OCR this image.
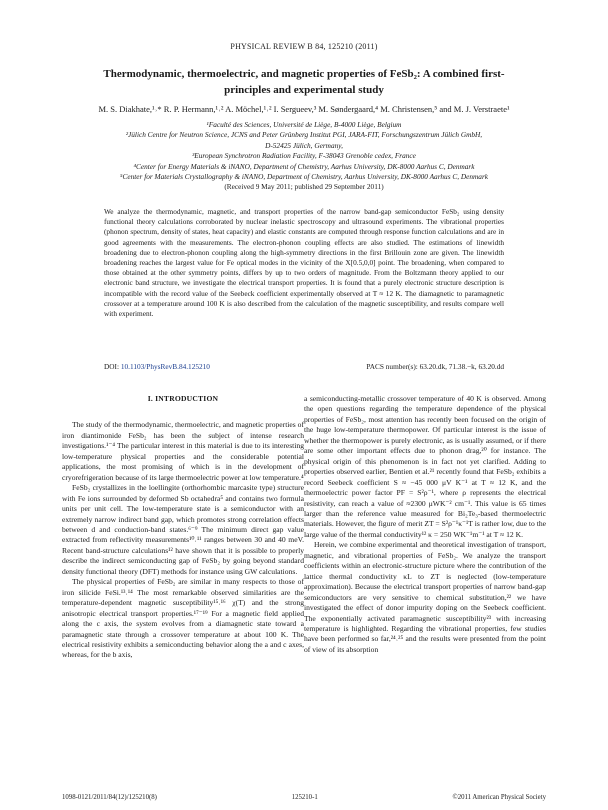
PHYSICAL REVIEW B 84, 125210 (2011)
Thermodynamic, thermoelectric, and magnetic properties of FeSb₂: A combined first-principles and experimental study
M. S. Diakhate,¹˒* R. P. Hermann,¹˒² A. Möchel,¹˒² I. Sergueev,³ M. Søndergaard,⁴ M. Christensen,⁵ and M. J. Verstraete¹
¹Faculté des Sciences, Université de Liège, B-4000 Liège, Belgium
²Jülich Centre for Neutron Science, JCNS and Peter Grünberg Institut PGI, JARA-FIT, Forschungszentrum Jülich GmbH,
D-52425 Jülich, Germany,
³European Synchrotron Radiation Facility, F-38043 Grenoble cedex, France
⁴Center for Energy Materials & iNANO, Department of Chemistry, Aarhus University, DK-8000 Aarhus C, Denmark
⁵Center for Materials Crystallography & iNANO, Department of Chemistry, Aarhus University, DK-8000 Aarhus C, Denmark
(Received 9 May 2011; published 29 September 2011)
We analyze the thermodynamic, magnetic, and transport properties of the narrow band-gap semiconductor FeSb₂ using density functional theory calculations corroborated by nuclear inelastic spectroscopy and ultrasound experiments. The vibrational properties (phonon spectrum, density of states, heat capacity) and elastic constants are computed through response function calculations and are in good agreements with the measurements. The electron-phonon coupling effects are also studied. The estimations of linewidth broadening due to electron-phonon coupling along the high-symmetry directions in the first Brillouin zone are given. The linewidth broadening reaches the largest value for Fe optical modes in the vicinity of the X[0.5,0,0] point. The broadening, when compared to those obtained at the other symmetry points, differs by up to two orders of magnitude. From the Boltzmann theory applied to our electronic band structure, we investigate the electrical transport properties. It is found that a purely electronic structure description is incompatible with the record value of the Seebeck coefficient experimentally observed at T ≈ 12 K. The diamagnetic to paramagnetic crossover at a temperature around 100 K is also described from the calculation of the magnetic susceptibility, and results compare well with experiment.
DOI: 10.1103/PhysRevB.84.125210	PACS number(s): 63.20.dk, 71.38.−k, 63.20.dd
I. INTRODUCTION

The study of the thermodynamic, thermoelectric, and magnetic properties of iron diantimonide FeSb₂ has been the subject of intense research investigations.¹⁻⁴ The particular interest in this material is due to its interesting low-temperature physical properties and the considerable potential applications, the most promising of which is in the development of cryorefrigeration because of its large thermoelectric power at low temperature.⁴

FeSb₂ crystallizes in the loellingite (orthorhombic marcasite type) structure with Fe ions surrounded by deformed Sb octahedra⁵ and contains two formula units per unit cell. The low-temperature state is a semiconductor with an extremely narrow indirect band gap, which promotes strong correlation effects between d and conduction-band states.⁶⁻⁹ The minimum direct gap value extracted from reflectivity measurements¹⁰˒¹¹ ranges between 30 and 40 meV. Recent band-structure calculations¹² have shown that it is possible to properly describe the indirect semiconducting gap of FeSb₂ by going beyond standard density functional theory (DFT) methods for instance using GW calculations.

The physical properties of FeSb₂ are similar in many respects to those of iron silicide FeSi.¹³˒¹⁴ The most remarkable observed similarities are the temperature-dependent magnetic susceptibility¹⁵˒¹⁶ χ(T) and the strong anisotropic electrical transport properties.¹⁷⁻¹⁹ For a magnetic field applied along the c axis, the system evolves from a diamagnetic state toward a paramagnetic state through a crossover temperature at about 100 K. The electrical resistivity exhibits a semiconducting behavior along the a and c axes, whereas, for the b axis,

a semiconducting-metallic crossover temperature of 40 K is observed. Among the open questions regarding the temperature dependence of the physical properties of FeSb₂, most attention has recently been focused on the origin of the huge low-temperature thermopower. Of particular interest is the issue of whether the thermopower is purely electronic, as is usually assumed, or if there are some other important effects due to phonon drag,²⁰ for instance. The physical origin of this phenomenon is in fact not yet clarified. Adding to properties observed earlier, Bentien et al.²¹ recently found that FeSb₂ exhibits a record Seebeck coefficient S ≈ −45 000 μV K⁻¹ at T ≈ 12 K, and the thermoelectric power factor PF = S²ρ⁻¹, where ρ represents the electrical resistivity, can reach a value of ≈2300 μWK⁻² cm⁻¹. This value is 65 times larger than the reference value measured for Bi₂Te₃-based thermoelectric materials. However, the figure of merit ZT = S²ρ⁻¹κ⁻¹T is rather low, due to the large value of the thermal conductivity¹² κ = 250 WK⁻¹m⁻¹ at T ≈ 12 K.

Herein, we combine experimental and theoretical investigation of transport, magnetic, and vibrational properties of FeSb₂. We analyze the transport coefficients within an electronic-structure picture where the contribution of the lattice thermal conductivity κL to ZT is neglected (low-temperature approximation). Because the electrical transport properties of narrow band-gap semiconductors are very sensitive to chemical substitution,²² we have investigated the effect of donor impurity doping on the Seebeck coefficient. The exponentially activated paramagnetic susceptibility²³ with increasing temperature is highlighted. Regarding the vibrational properties, few studies have been performed so far,²⁴˒²⁵ and the results were presented from the point of view of its absorption

1098-0121/2011/84(12)/125210(8)	125210-1	©2011 American Physical Society
